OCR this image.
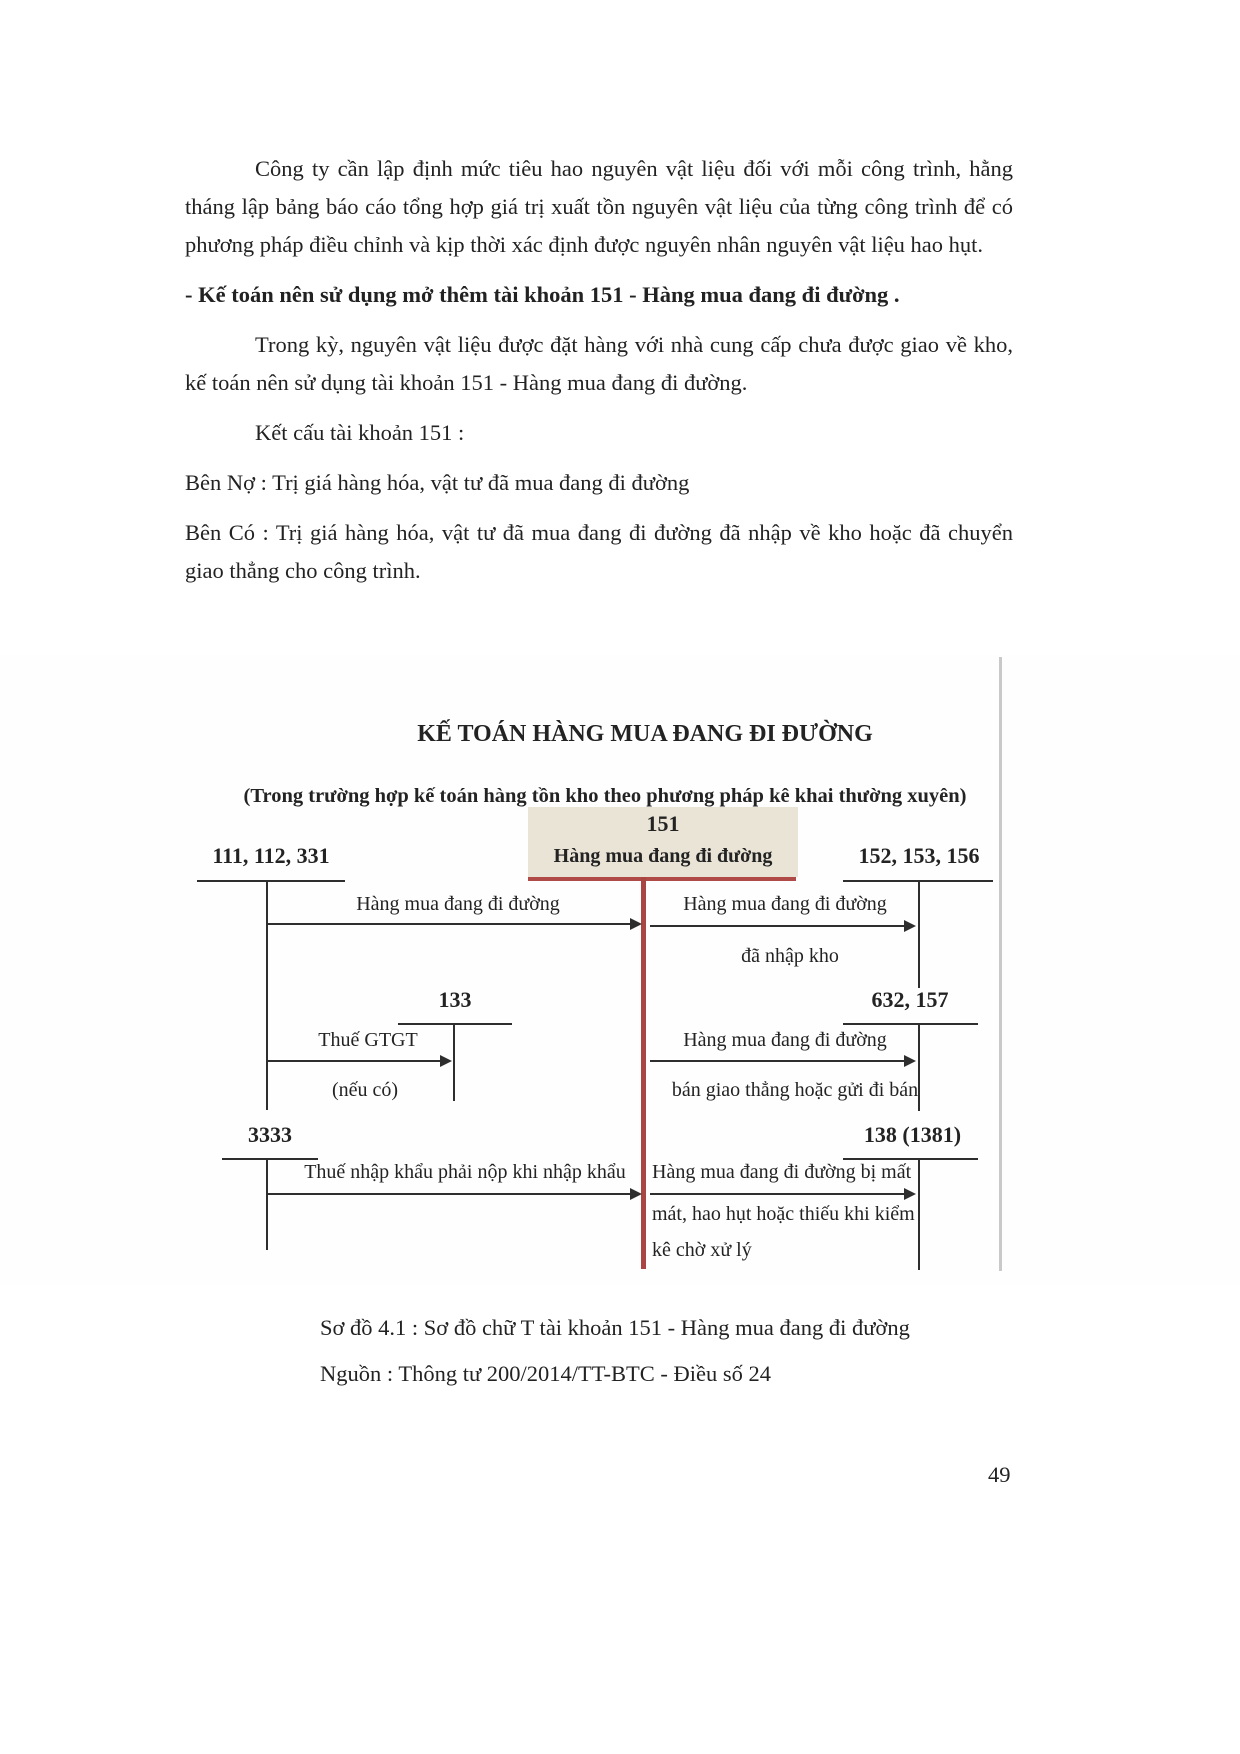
Công ty cần lập định mức tiêu hao nguyên vật liệu đối với mỗi công trình, hằng tháng lập bảng báo cáo tổng hợp giá trị xuất tồn nguyên vật liệu của từng công trình để có phương pháp điều chỉnh và kịp thời xác định được nguyên nhân nguyên vật liệu hao hụt.

- Kế toán nên sử dụng mở thêm tài khoản 151 - Hàng mua đang đi đường .

Trong kỳ, nguyên vật liệu được đặt hàng với nhà cung cấp chưa được giao về kho, kế toán nên sử dụng tài khoản 151 - Hàng mua đang đi đường.

Kết cấu tài khoản 151 :

Bên Nợ : Trị giá hàng hóa, vật tư đã mua đang đi đường

Bên Có : Trị giá hàng hóa, vật tư đã mua đang đi đường đã nhập về kho hoặc đã chuyển giao thẳng cho công trình.

KẾ TOÁN HÀNG MUA ĐANG ĐI ĐƯỜNG
(Trong trường hợp kế toán hàng tồn kho theo phương pháp kê khai thường xuyên)
151
Hàng mua đang đi đường
111, 112, 331	152, 153, 156
Hàng mua đang đi đường	Hàng mua đang đi đường
đã nhập kho
133
Thuế GTGT
(nếu có)
632, 157
Hàng mua đang đi đường
bán giao thẳng hoặc gửi đi bán
3333
Thuế nhập khẩu phải nộp khi nhập khẩu
138 (1381)
Hàng mua đang đi đường bị mất
mát, hao hụt hoặc thiếu khi kiểm
kê chờ xử lý
Sơ đồ 4.1 : Sơ đồ chữ T tài khoản 151 - Hàng mua đang đi đường
Nguồn : Thông tư 200/2014/TT-BTC - Điều số 24
49
